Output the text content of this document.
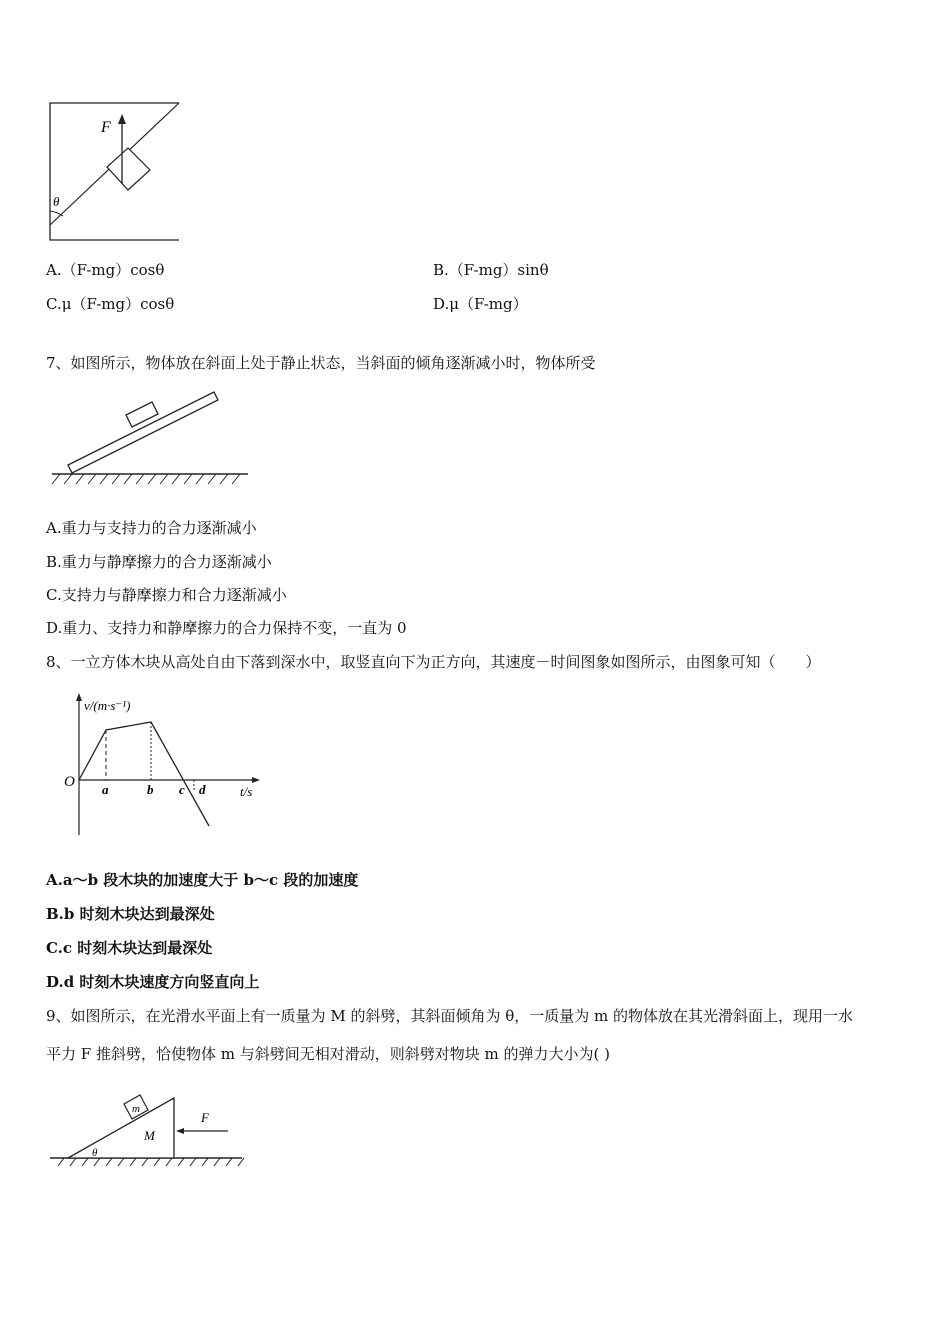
F
θ
A.（F-mg）cosθ	B.（F-mg）sinθ
C.μ（F-mg）cosθ	D.μ（F-mg）
7、如图所示，物体放在斜面上处于静止状态，当斜面的倾角逐渐减小时，物体所受
A.重力与支持力的合力逐渐减小
B.重力与静摩擦力的合力逐渐减小
C.支持力与静摩擦力和合力逐渐减小
D.重力、支持力和静摩擦力的合力保持不变，一直为 0
8、一立方体木块从高处自由下落到深水中，取竖直向下为正方向，其速度－时间图象如图所示，由图象可知（　　）
v/(m·s⁻¹)
t/s
O a	b c d
A.a～b 段木块的加速度大于 b～c 段的加速度
B.b 时刻木块达到最深处
C.c 时刻木块达到最深处
D.d 时刻木块速度方向竖直向上
9、如图所示，在光滑水平面上有一质量为 M 的斜劈，其斜面倾角为 θ，一质量为 m 的物体放在其光滑斜面上，现用一水
平力 F 推斜劈，恰使物体 m 与斜劈间无相对滑动，则斜劈对物块 m 的弹力大小为( )
m
M
θ
F
